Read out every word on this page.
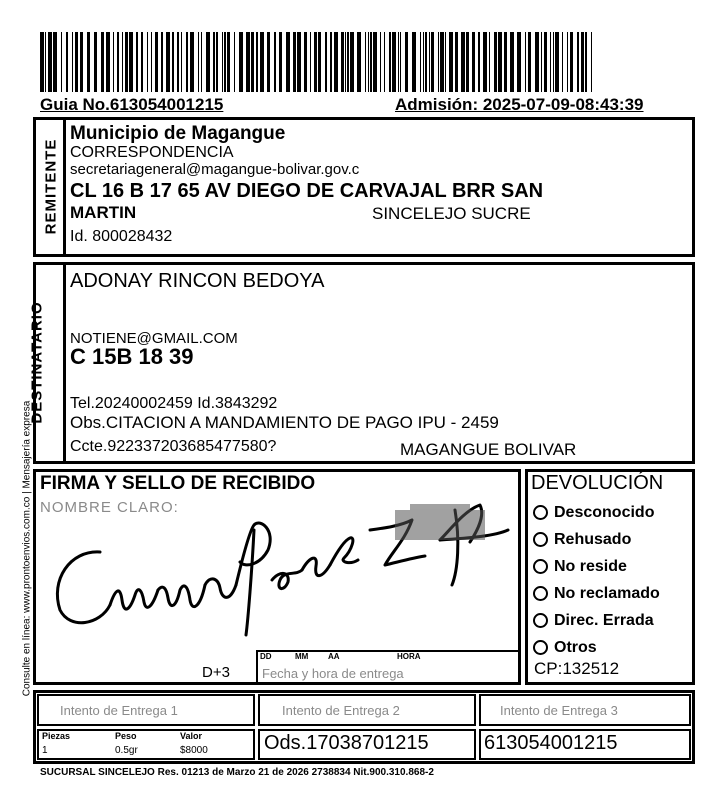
Guia No.613054001215	Admisión: 2025-07-09-08:43:39
Consulte en línea: www.prontoenvios.com.co | Mensajería expresa
REMITENTE
Municipio de Magangue
CORRESPONDENCIA
secretariageneral@magangue-bolivar.gov.c
CL 16 B 17 65 AV DIEGO DE CARVAJAL BRR SAN
MARTIN	SINCELEJO SUCRE
Id. 800028432
DESTINATARIO
ADONAY RINCON BEDOYA
NOTIENE@GMAIL.COM
C 15B 18 39
Tel.20240002459 Id.3843292
Obs.CITACION A MANDAMIENTO DE PAGO IPU - 2459
Ccte.922337203685477580?	MAGANGUE BOLIVAR
FIRMA Y SELLO DE RECIBIDO
NOMBRE CLARO:
D+3
DD	MM AA	HORA
Fecha y hora de entrega
DEVOLUCIÓN
Desconocido
Rehusado
No reside
No reclamado
Direc. Errada
Otros
CP:132512
Intento de Entrega 1	Intento de Entrega 2	Intento de Entrega 3
Piezas	Peso	Valor
1	0.5gr	$8000	Ods.17038701215	613054001215
SUCURSAL SINCELEJO Res. 01213 de Marzo 21 de 2026 2738834 Nit.900.310.868-2
